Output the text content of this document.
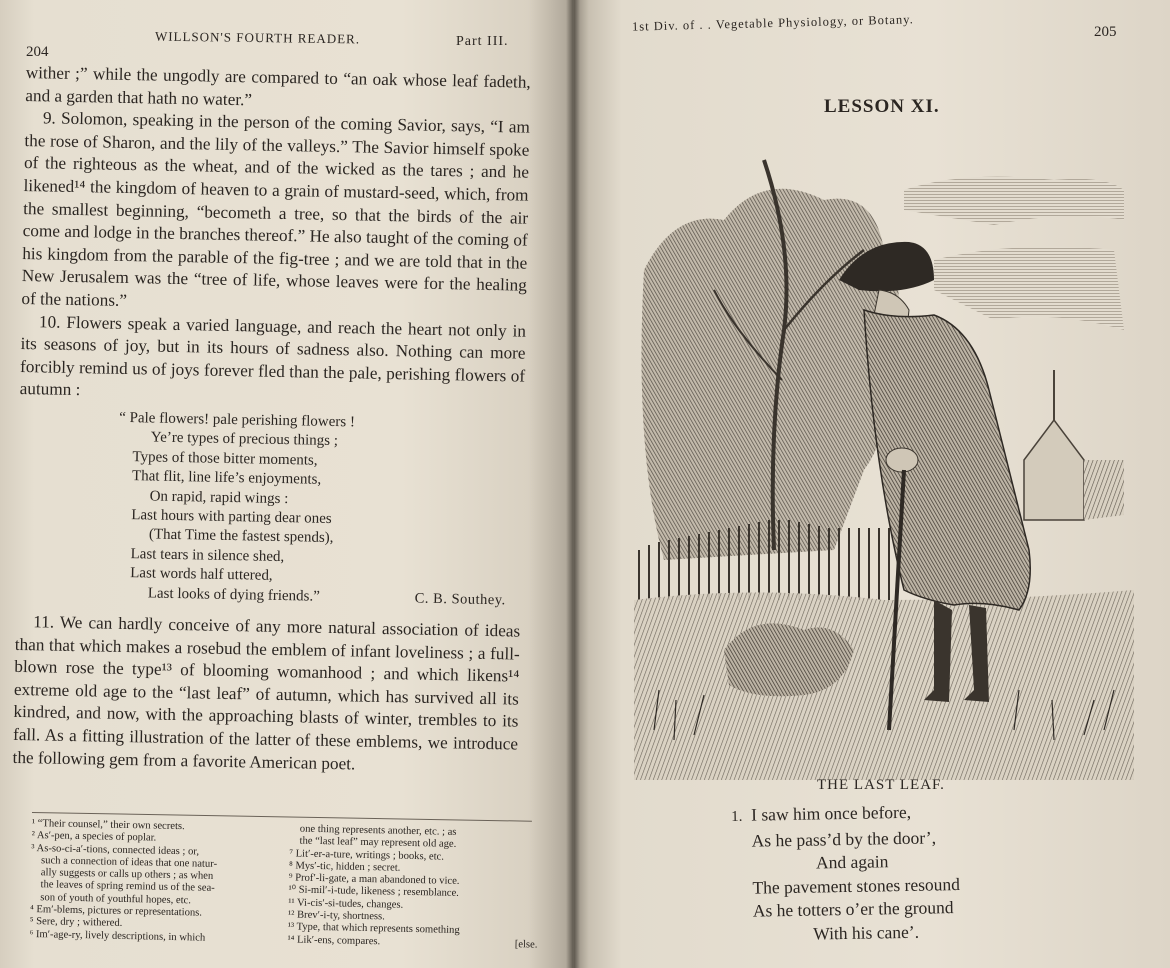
204
WILLSON'S FOURTH READER.	Part III.

wither ;” while the ungodly are compared to “an oak whose leaf fadeth, and a garden that hath no water.”

9. Solomon, speaking in the person of the coming Savior, says, “I am the rose of Sharon, and the lily of the valleys.” The Savior himself spoke of the righteous as the wheat, and of the wicked as the tares ; and he likened¹⁴ the kingdom of heaven to a grain of mustard-seed, which, from the smallest beginning, “becometh a tree, so that the birds of the air come and lodge in the branches thereof.” He also taught of the coming of his kingdom from the parable of the fig-tree ; and we are told that in the New Jerusalem was the “tree of life, whose leaves were for the healing of the nations.”

10. Flowers speak a varied language, and reach the heart not only in its seasons of joy, but in its hours of sadness also. Nothing can more forcibly remind us of joys forever fled than the pale, perishing flowers of autumn :

“ Pale flowers! pale perishing flowers !
Ye’re types of precious things ;
Types of those bitter moments,
That flit, line life’s enjoyments,
On rapid, rapid wings :
Last hours with parting dear ones
(That Time the fastest spends),
Last tears in silence shed,
Last words half uttered,
Last looks of dying friends.”	C. B. Southey.

11. We can hardly conceive of any more natural association of ideas than that which makes a rosebud the emblem of infant loveliness ; a full-blown rose the type¹³ of blooming womanhood ; and which likens¹⁴ extreme old age to the “last leaf” of autumn, which has survived all its kindred, and now, with the approaching blasts of winter, trembles to its fall. As a fitting illustration of the latter of these emblems, we introduce the following gem from a favorite American poet.

¹ “Their counsel,” their own secrets.
² As′-pen, a species of poplar.
³ As-so-ci-a′-tions, connected ideas ; or,
such a connection of ideas that one natur-
ally suggests or calls up others ; as when
the leaves of spring remind us of the sea-
son of youth of youthful hopes, etc.
⁴ Em′-blems, pictures or representations.
⁵ Sere, dry ; withered.
⁶ Im′-age-ry, lively descriptions, in which
one thing represents another, etc. ; as
the “last leaf” may represent old age.
⁷ Lit′-er-a-ture, writings ; books, etc.
⁸ Mys′-tic, hidden ; secret.
⁹ Prof′-li-gate, a man abandoned to vice.
¹⁰ Si-mil′-i-tude, likeness ; resemblance.
¹¹ Vi-cis′-si-tudes, changes.
¹² Brev′-i-ty, shortness.
¹³ Type, that which represents something
¹⁴ Lik′-ens, compares.	[else.
1st Div. of . . Vegetable Physiology, or Botany.	205
LESSON XI.
THE LAST LEAF.
1. I saw him once before,
As he pass’d by the door’,
And again
The pavement stones resound
As he totters o’er the ground
With his cane’.
